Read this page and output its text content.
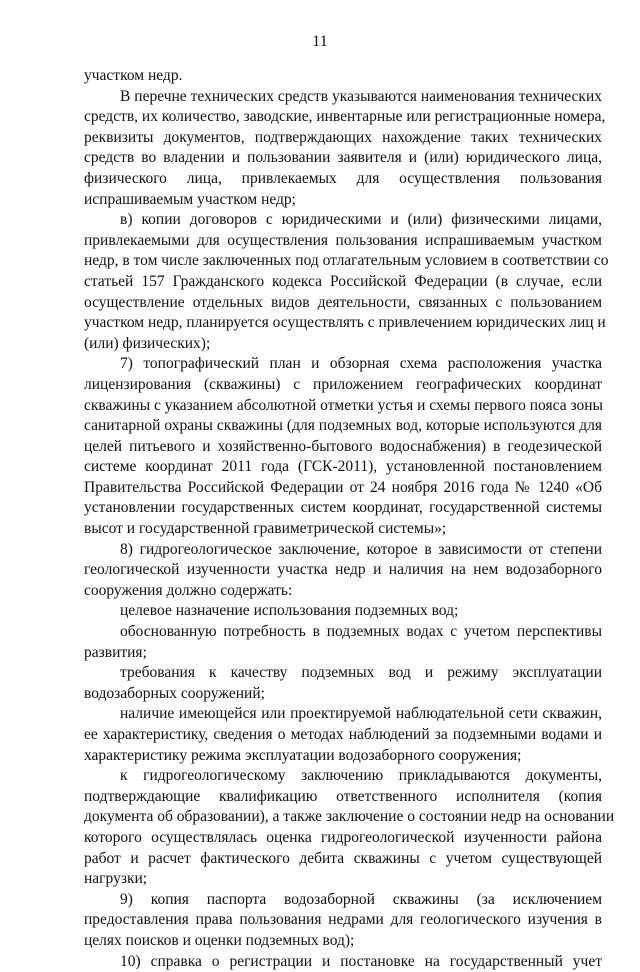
11
участком недр.
В перечне технических средств указываются наименования технических
средств, их количество, заводские, инвентарные или регистрационные номера,
реквизиты документов, подтверждающих нахождение таких технических
средств во владении и пользовании заявителя и (или) юридического лица,
физического лица, привлекаемых для осуществления пользования
испрашиваемым участком недр;
в) копии договоров с юридическими и (или) физическими лицами,
привлекаемыми для осуществления пользования испрашиваемым участком
недр, в том числе заключенных под отлагательным условием в соответствии со
статьей 157 Гражданского кодекса Российской Федерации (в случае, если
осуществление отдельных видов деятельности, связанных с пользованием
участком недр, планируется осуществлять с привлечением юридических лиц и
(или) физических);
7) топографический план и обзорная схема расположения участка
лицензирования (скважины) с приложением географических координат
скважины с указанием абсолютной отметки устья и схемы первого пояса зоны
санитарной охраны скважины (для подземных вод, которые используются для
целей питьевого и хозяйственно-бытового водоснабжения) в геодезической
системе координат 2011 года (ГСК-2011), установленной постановлением
Правительства Российской Федерации от 24 ноября 2016 года № 1240 «Об
установлении государственных систем координат, государственной системы
высот и государственной гравиметрической системы»;
8) гидрогеологическое заключение, которое в зависимости от степени
геологической изученности участка недр и наличия на нем водозаборного
сооружения должно содержать:
целевое назначение использования подземных вод;
обоснованную потребность в подземных водах с учетом перспективы
развития;
требования к качеству подземных вод и режиму эксплуатации
водозаборных сооружений;
наличие имеющейся или проектируемой наблюдательной сети скважин,
ее характеристику, сведения о методах наблюдений за подземными водами и
характеристику режима эксплуатации водозаборного сооружения;
к гидрогеологическому заключению прикладываются документы,
подтверждающие квалификацию ответственного исполнителя (копия
документа об образовании), а также заключение о состоянии недр на основании
которого осуществлялась оценка гидрогеологической изученности района
работ и расчет фактического дебита скважины с учетом существующей
нагрузки;
9) копия паспорта водозаборной скважины (за исключением
предоставления права пользования недрами для геологического изучения в
целях поисков и оценки подземных вод);
10) справка о регистрации и постановке на государственный учет
